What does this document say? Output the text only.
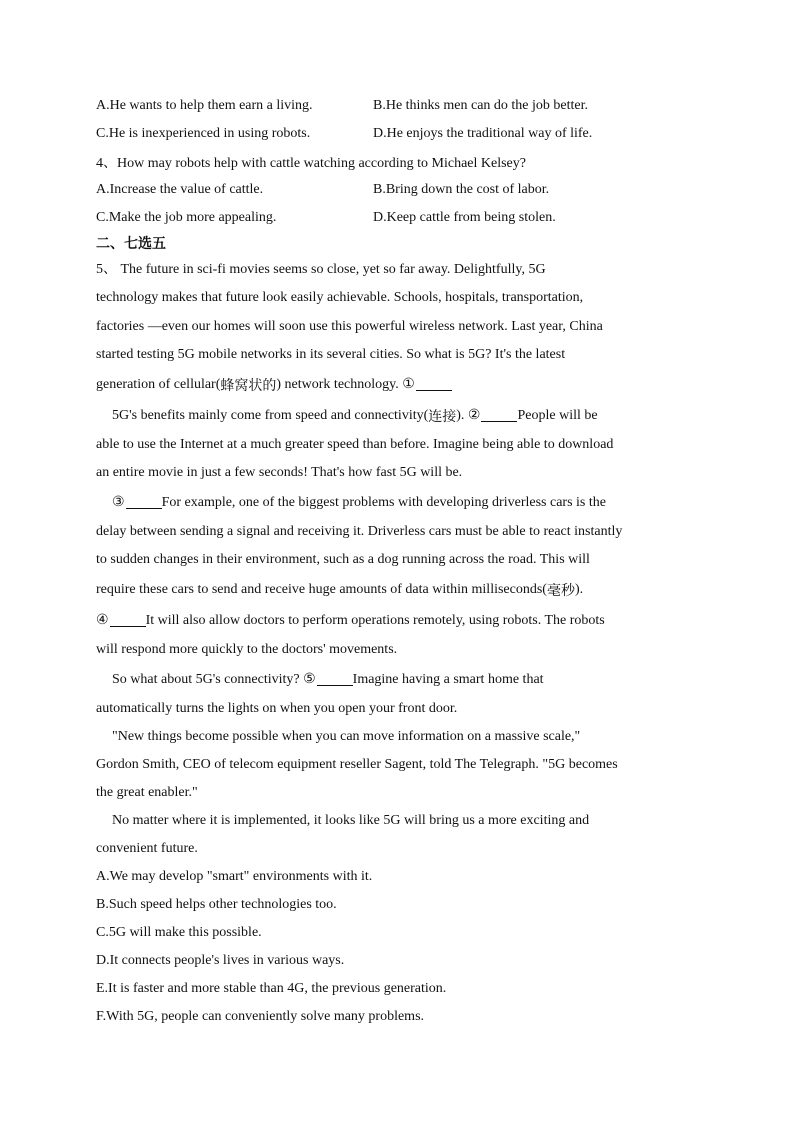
A.He wants to help them earn a living.	B.He thinks men can do the job better.
C.He is inexperienced in using robots.	D.He enjoys the traditional way of life.
4、How may robots help with cattle watching according to Michael Kelsey?
A.Increase the value of cattle.	B.Bring down the cost of labor.
C.Make the job more appealing.	D.Keep cattle from being stolen.
二、七选五
5、 The future in sci-fi movies seems so close, yet so far away. Delightfully, 5G
technology makes that future look easily achievable. Schools, hospitals, transportation,
factories —even our homes will soon use this powerful wireless network. Last year, China
started testing 5G mobile networks in its several cities. So what is 5G? It's the latest
generation of cellular( 蜂窝状的 ) network technology. ①
5G's benefits mainly come from speed and connectivity( 连接 ). ②	People will be
able to use the Internet at a much greater speed than before. Imagine being able to download
an entire movie in just a few seconds! That's how fast 5G will be.
③	For example, one of the biggest problems with developing driverless cars is the
delay between sending a signal and receiving it. Driverless cars must be able to react instantly
to sudden changes in their environment, such as a dog running across the road. This will
require these cars to send and receive huge amounts of data within milliseconds( 毫秒 ).
④	It will also allow doctors to perform operations remotely, using robots. The robots
will respond more quickly to the doctors' movements.
So what about 5G's connectivity? ⑤	Imagine having a smart home that
automatically turns the lights on when you open your front door.
"New things become possible when you can move information on a massive scale,"
Gordon Smith, CEO of telecom equipment reseller Sagent, told The Telegraph. "5G becomes
the great enabler."
No matter where it is implemented, it looks like 5G will bring us a more exciting and
convenient future.
A.We may develop "smart" environments with it.
B.Such speed helps other technologies too.
C.5G will make this possible.
D.It connects people's lives in various ways.
E.It is faster and more stable than 4G, the previous generation.
F.With 5G, people can conveniently solve many problems.
